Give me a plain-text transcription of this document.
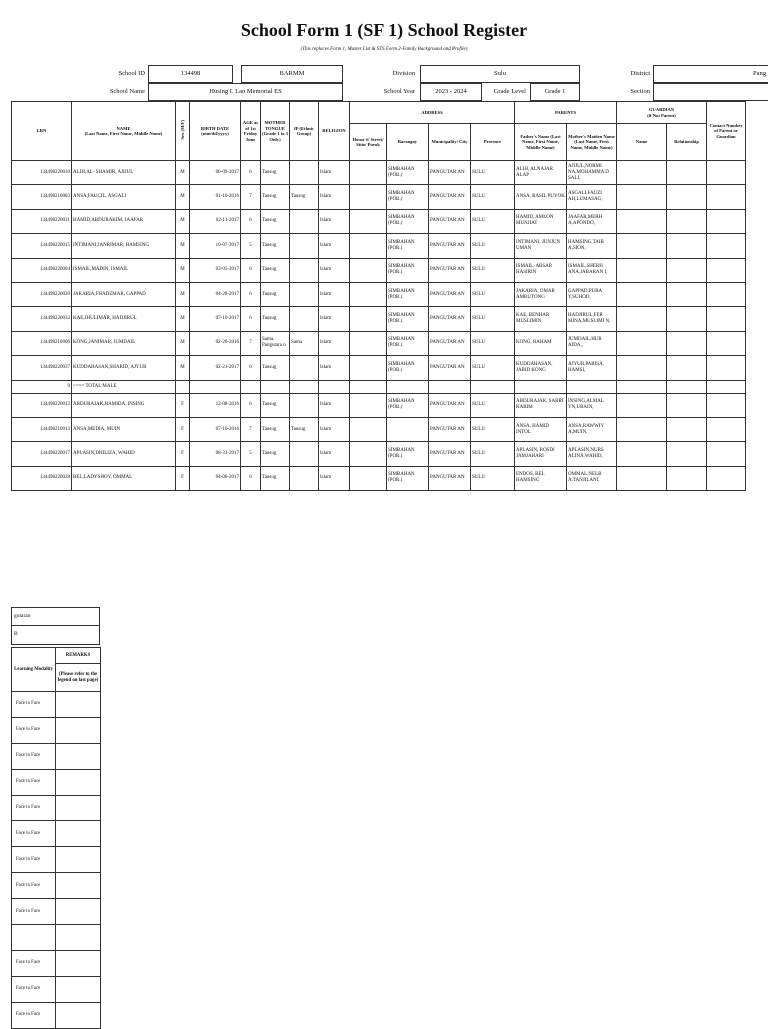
School Form 1 (SF 1) School Register
(This replaces Form 1, Master List & STS Form 2-Family Background and Profile)
School ID	134498	BARMM	Division	Sulu	District	Pang
School Name	Husing I. Lao Memorial ES	School Year	2023 - 2024	Grade Level	Grade 1	Section
LRN	NAME
(Last Name, First Name, Middle Name)	Sex (M/F)	BIRTH DATE (mm/dd/yyyy)	AGE as of 1st Friday June	MOTHER TONGUE (Grade 1 to 3 Only)	IP (Ethnic Group)	RELIGION	ADDRESS				PARENTS		GUARDIAN
(if Not Parent)		Contact Number of Parent or Guardian
								House #/ Street/ Sitio/ Purok	Barangay	Municipality/ City	Province	Father's Name (Last Name, First Name, Middle Name)	Mother's Maiden Name (Last Name, First Name, Middle Name)	Name	Relationship	
134498220010	ALIH,AL- SHAMIR, AJIJUL	M	06-09-2017	6	Tausug		Islam		SIMBAHAN (POB.)	PANGUTAR AN	SULU	ALIH, ALNAJAR ALAP	AJIJUL,NORMI NA,MOHAMMA D SALI,			
134498210003	ANSA,FAUCIL, ASGALI	M	01-10-2016	7	Tausug	Tausug	Islam		SIMBAHAN (POB.)	PANGUTAR AN	SULU	ANSA, BASIL PUYOK	ASGALI,FAUZI AH,LUMASAG,			
134498220031	HAMID,ABDURAKIM, JAAFAR	M	02-11-2017	6	Tausug		Islam		SIMBAHAN (POB.)	PANGUTAR AN	SULU	HAMID, AMLON MUNJIAT	JAAFAR,MERH A,APONDO,			
134498220015	INTIMANI,JANRIMAR, HAMSING	M	10-07-2017	5	Tausug		Islam		SIMBAHAN (POB.)	PANGUTAR AN	SULU	INTIMANI, JUNJUN UMAN	HAMSING,TAIB A,SION,			
134498220004	ISMAIL,MADIN, ISMAIL	M	03-05-2017	6	Tausug		Islam		SIMBAHAN (POB.)	PANGUTAR AN	SULU	ISMAIL, ABSAR HASIRIN	ISMAIL,SHERH ANA,JABARAN I,			
134498220020	JAKARIA,FHADZMAR, GAPPAD	M	04-28-2017	6	Tausug		Islam		SIMBAHAN (POB.)	PANGUTAR AN	SULU	JAKARIA, OMAR AMBUTONG	GAPPAD,PURA Y,SUHOD,			
134498220032	KAE,JHULIMAR, HADJIRUL	M	07-10-2017	6	Tausug		Islam		SIMBAHAN (POB.)	PANGUTAR AN	SULU	KAE, BENHAR MUSLIMIN	HADJIRUL,FER MINA,MUSLIMI N,			
134498210006	KONG,JANIMAR, JUMDAIL	M	02-26-2016	7	Sama, Pangutara n	Sama	Islam		SIMBAHAN (POB.)	PANGUTAR AN	SULU	KONG, RAHAM	JUMDAIL,HUR AIDA,,			
134498220037	KUDDAHASAN,SHARID, AJYUB	M	02-21-2017	6	Tausug		Islam		SIMBAHAN (POB.)	PANGUTAR AN	SULU	KUDDAHASAN, JABID KONG	AJYUB,PARISA, HAMSI,			
9	<=== TOTAL MALE															
134498220013	ABDURAJAK,HAMIDA, INSING	F	12-08-2016	6	Tausug		Islam		SIMBAHAN (POB.)	PANGUTAR AN	SULU	ABDURAJAK, SABRI KARIM	INSING,ALMAL YN,URAIN,			
134498210013	ANSA,MEDIA, MUIN	F	07-10-2016	7	Tausug	Tausug	Islam			PANGUTAR AN	SULU	ANSA, HAMID INTOL	ANSA,RAWWIY A,MUIN,			
134498220017	APLASIN,DHILIZA, WAHID	F	08-31-2017	5	Tausug		Islam		SIMBAHAN (POB.)	PANGUTAR AN	SULU	APLASIN, ROSDI JAMJAHARI	APLASIN,NURS ALINA,WAHID,			
134498220028	BEL,LADYSHOY, OMMAL	F	04-06-2017	6	Tausug		Islam		SIMBAHAN (POB.)	PANGUTAR AN	SULU	ENDOS, BEL HAMSING	OMMAL,NELB A,TANJILANI,			
gutaran
B
Learning Modality	REMARKS
	(Please refer to the legend on last page)
Face to Face	
Face to Face	
Face to Face	
Face to Face	
Face to Face	
Face to Face	
Face to Face	
Face to Face	
Face to Face	

Face to Face	
Face to Face	
Face to Face	
